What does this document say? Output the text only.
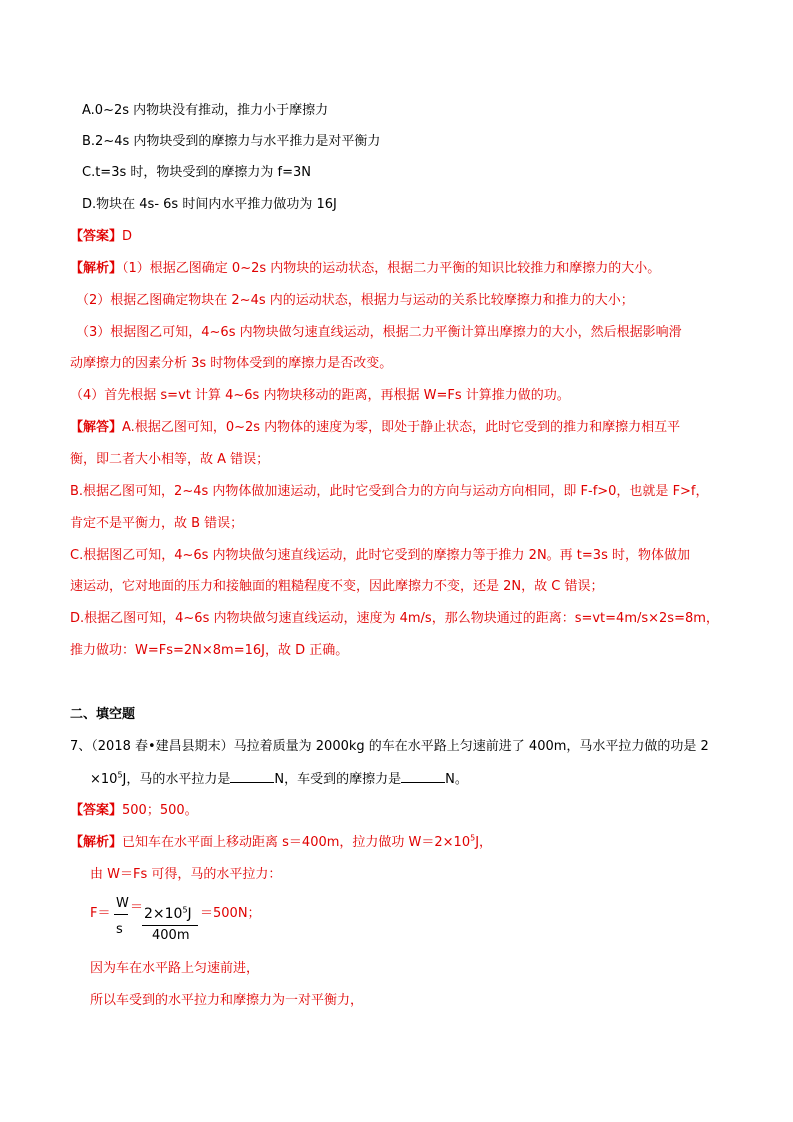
A.0~2s 内物块没有推动，推力小于摩擦力
B.2~4s 内物块受到的摩擦力与水平推力是对平衡力
C.t=3s 时，物块受到的摩擦力为 f=3N
D.物块在 4s- 6s 时间内水平推力做功为 16J
【答案】D
【解析】（1）根据乙图确定 0~2s 内物块的运动状态，根据二力平衡的知识比较推力和摩擦力的大小。
（2）根据乙图确定物块在 2~4s 内的运动状态，根据力与运动的关系比较摩擦力和推力的大小；
（3）根据图乙可知，4~6s 内物块做匀速直线运动，根据二力平衡计算出摩擦力的大小，然后根据影响滑
动摩擦力的因素分析 3s 时物体受到的摩擦力是否改变。
（4）首先根据 s=vt 计算 4~6s 内物块移动的距离，再根据 W=Fs 计算推力做的功。
【解答】A.根据乙图可知，0~2s 内物体的速度为零，即处于静止状态，此时它受到的推力和摩擦力相互平
衡，即二者大小相等，故 A 错误；
B.根据乙图可知，2~4s 内物体做加速运动，此时它受到合力的方向与运动方向相同，即 F-f>0，也就是 F>f，
肯定不是平衡力，故 B 错误；
C.根据图乙可知，4~6s 内物块做匀速直线运动，此时它受到的摩擦力等于推力 2N。再 t=3s 时，物体做加
速运动，它对地面的压力和接触面的粗糙程度不变，因此摩擦力不变，还是 2N，故 C 错误；
D.根据乙图可知，4~6s 内物块做匀速直线运动，速度为 4m/s，那么物块通过的距离：s=vt=4m/s×2s=8m，
推力做功：W=Fs=2N×8m=16J，故 D 正确。
二、填空题
7、（2018 春•建昌县期末）马拉着质量为 2000kg 的车在水平路上匀速前进了 400m，马水平拉力做的功是 2
$\times 10^5J$，马的水平拉力是	N，车受到的摩擦力是	N。
【答案】500；500。
【解析】已知车在水平面上移动距离 s＝400m，拉力做功 $W=2\times 10^5J$，
由 W＝Fs 可得，马的水平拉力：
F＝
W
s
＝ $2\times 10^5J$
400m
＝500N；
因为车在水平路上匀速前进，
所以车受到的水平拉力和摩擦力为一对平衡力，
